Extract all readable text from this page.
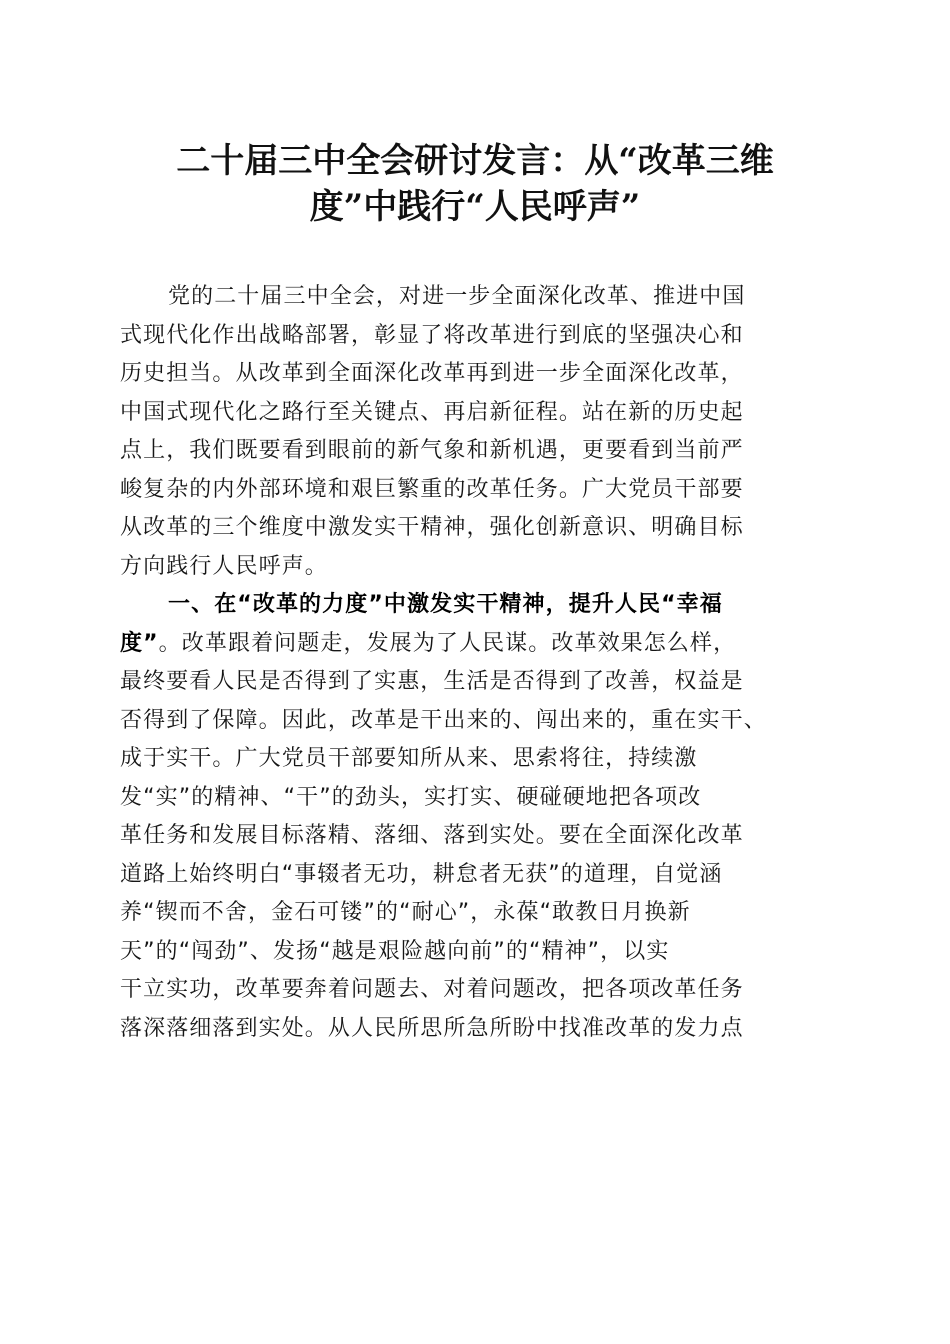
二十届三中全会研讨发言：从“改革三维
度”中践行“人民呼声”
党的二十届三中全会，对进一步全面深化改革、推进中国
式现代化作出战略部署，彰显了将改革进行到底的坚强决心和
历史担当。从改革到全面深化改革再到进一步全面深化改革，
中国式现代化之路行至关键点、再启新征程。站在新的历史起
点上，我们既要看到眼前的新气象和新机遇，更要看到当前严
峻复杂的内外部环境和艰巨繁重的改革任务。广大党员干部要
从改革的三个维度中激发实干精神，强化创新意识、明确目标
方向践行人民呼声。
一、在“改革的力度”中激发实干精神，提升人民“幸福
度”。改革跟着问题走，发展为了人民谋。改革效果怎么样，
最终要看人民是否得到了实惠，生活是否得到了改善，权益是
否得到了保障。因此，改革是干出来的、闯出来的，重在实干、
成于实干。广大党员干部要知所从来、思索将往，持续激
发“实”的精神、“干”的劲头，实打实、硬碰硬地把各项改
革任务和发展目标落精、落细、落到实处。要在全面深化改革
道路上始终明白“事辍者无功，耕怠者无获”的道理，自觉涵
养“锲而不舍，金石可镂”的“耐心”，永葆“敢教日月换新
天”的“闯劲”、发扬“越是艰险越向前”的“精神”，以实
干立实功，改革要奔着问题去、对着问题改，把各项改革任务
落深落细落到实处。从人民所思所急所盼中找准改革的发力点
